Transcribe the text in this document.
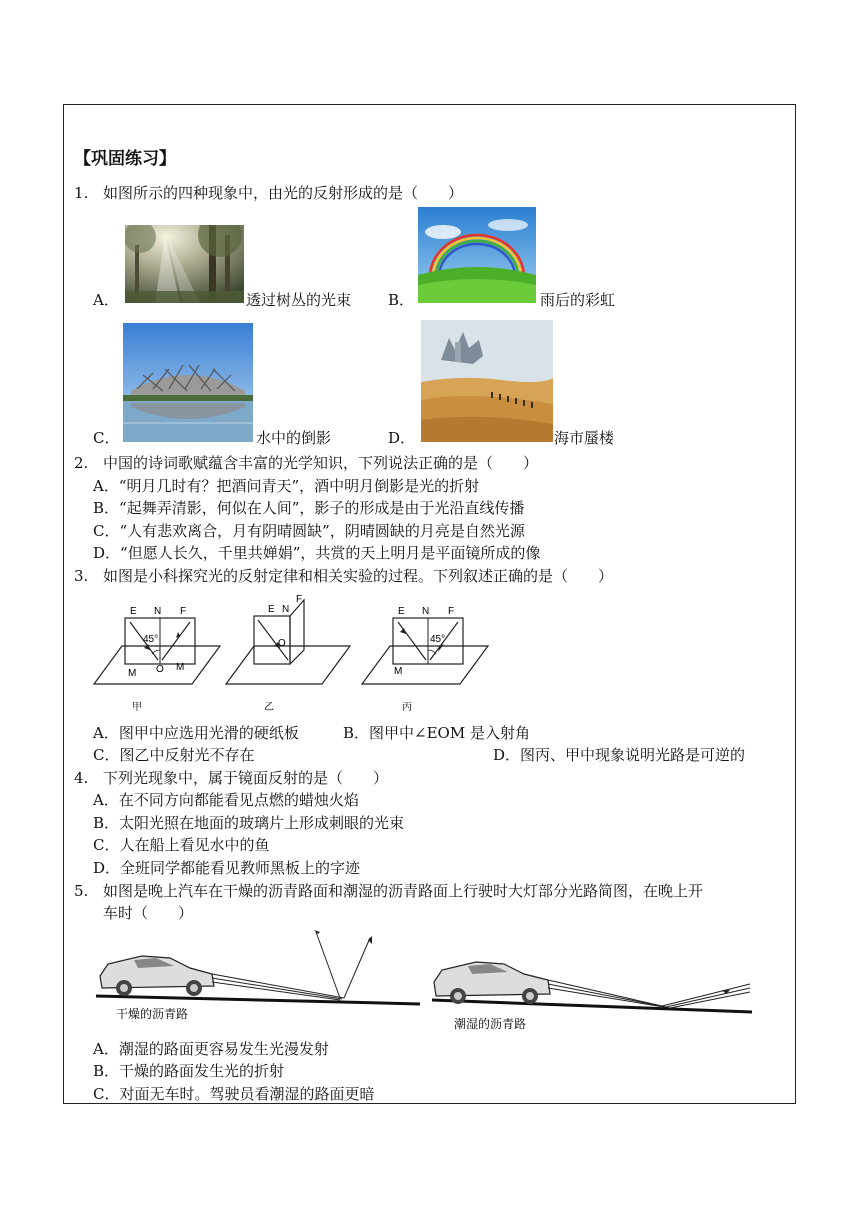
【巩固练习】
1. 如图所示的四种现象中，由光的反射形成的是（　　）
A．	透过树丛的光束 B．	雨后的彩虹
C．	水中的倒影	D．	海市蜃楼
2. 中国的诗词歌赋蕴含丰富的光学知识，下列说法正确的是（　　）
A．“明月几时有？把酒问青天”，酒中明月倒影是光的折射
B．“起舞弄清影，何似在人间”，影子的形成是由于光沿直线传播
C．“人有悲欢离合，月有阴晴圆缺”，阴晴圆缺的月亮是自然光源
D．“但愿人长久，千里共婵娟”，共赏的天上明月是平面镜所成的像
3. 如图是小科探究光的反射定律和相关实验的过程。下列叙述正确的是（　　）
E N F
45°
O
M
M
甲
E N
F
O
乙
E N F
45°
M
丙
A．图甲中应选用光滑的硬纸板	B．图甲中∠EOM 是入射角
C．图乙中反射光不存在	D．图丙、甲中现象说明光路是可逆的
4. 下列光现象中，属于镜面反射的是（　　）
A．在不同方向都能看见点燃的蜡烛火焰
B．太阳光照在地面的玻璃片上形成刺眼的光束
C．人在船上看见水中的鱼
D．全班同学都能看见教师黑板上的字迹
5. 如图是晚上汽车在干燥的沥青路面和潮湿的沥青路面上行驶时大灯部分光路简图，在晚上开
车时（　　）
干燥的沥青路
潮湿的沥青路
A．潮湿的路面更容易发生光漫发射
B．干燥的路面发生光的折射
C．对面无车时。驾驶员看潮湿的路面更暗
